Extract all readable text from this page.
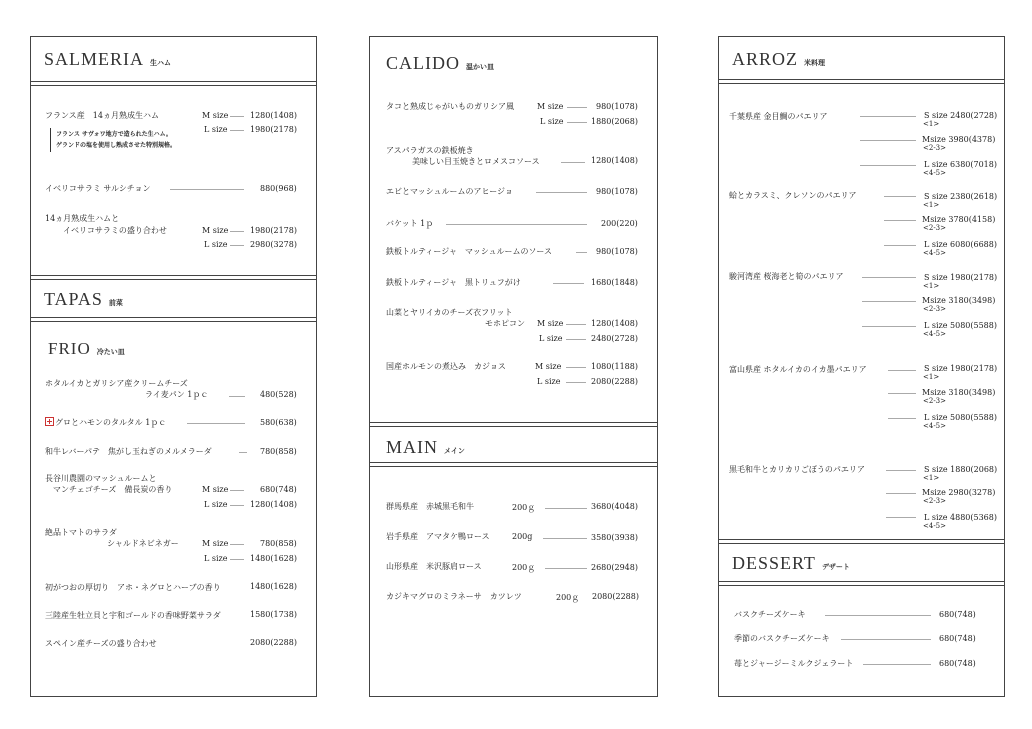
SALMERIA 生ハム
フランス産　14ヵ月熟成生ハム	M size	1280(1408)
L size	1980(2178)
フランス サヴォワ地方で造られた生ハム。
ゲランドの塩を使用し熟成させた特別規格。
イベリコサラミ サルシチョン	880(968)
14ヵ月熟成生ハムと
イベリコサラミの盛り合わせ	M size	1980(2178)
L size	2980(3278)
TAPAS 前菜
FRIO 冷たい皿
ホタルイカとガリシア産クリームチーズ
ライ麦パン 1ｐｃ	480(528)
グロとハモンのタルタル 1ｐｃ	580(638)
和牛レバーパテ　焦がし玉ねぎのメルメラーダ	780(858)
長谷川農園のマッシュルームと
マンチェゴチーズ　備長炭の香り	M size	680(748)
L size	1280(1408)
絶品トマトのサラダ
シャルドネビネガー	M size	780(858)
L size	1480(1628)
初がつおの厚切り　アホ・ネグロとハーブの香り	1480(1628)
三陸産生牡立貝と宇和ゴールドの香味野菜サラダ	1580(1738)
スペイン産チーズの盛り合わせ	2080(2288)
CALIDO 温かい皿
タコと熟成じゃがいものガリシア風	M size	980(1078)
L size	1880(2068)
アスパラガスの鉄板焼き
美味しい目玉焼きとロメスコソース	1280(1408)
エビとマッシュルームのアヒージョ	980(1078)
バケット 1ｐ	200(220)
鉄板トルティージャ　マッシュルームのソース	980(1078)
鉄板トルティージャ　黒トリュフがけ	1680(1848)
山菜とヤリイカのチーズ衣フリット
モホピコン M size	1280(1408)
L size	2480(2728)
国産ホルモンの煮込み　カジョス	M size	1080(1188)
L size	2080(2288)
MAIN メイン
群馬県産　赤城黒毛和牛	200ｇ	3680(4048)
岩手県産　アマタケ鴨ロース	200g	3580(3938)
山形県産　米沢豚肩ロース	200ｇ	2680(2948)
カジキマグロのミラネーサ　カツレツ	200ｇ 2080(2288)
ARROZ 米料理
千葉県産 金目鯛のパエリア	S size 2480(2728)
<1>
Msize 3980(4378)
<2-3>
L size 6380(7018)
<4-5>
蛤とカラスミ、クレソンのパエリア	S size 2380(2618)
<1>
Msize 3780(4158)
<2-3>
L size 6080(6688)
<4-5>
駿河湾産 桜海老と筍のパエリア	S size 1980(2178)
<1>
Msize 3180(3498)
<2-3>
L size 5080(5588)
<4-5>
富山県産 ホタルイカのイカ墨パエリア	S size 1980(2178)
<1>
Msize 3180(3498)
<2-3>
L size 5080(5588)
<4-5>
黒毛和牛とカリカリごぼうのパエリア	S size 1880(2068)
<1>
Msize 2980(3278)
<2-3>
L size 4880(5368)
<4-5>
DESSERT デザート
バスクチーズケーキ	680(748)
季節のバスクチーズケーキ	680(748)
苺とジャージーミルクジェラート	680(748)
